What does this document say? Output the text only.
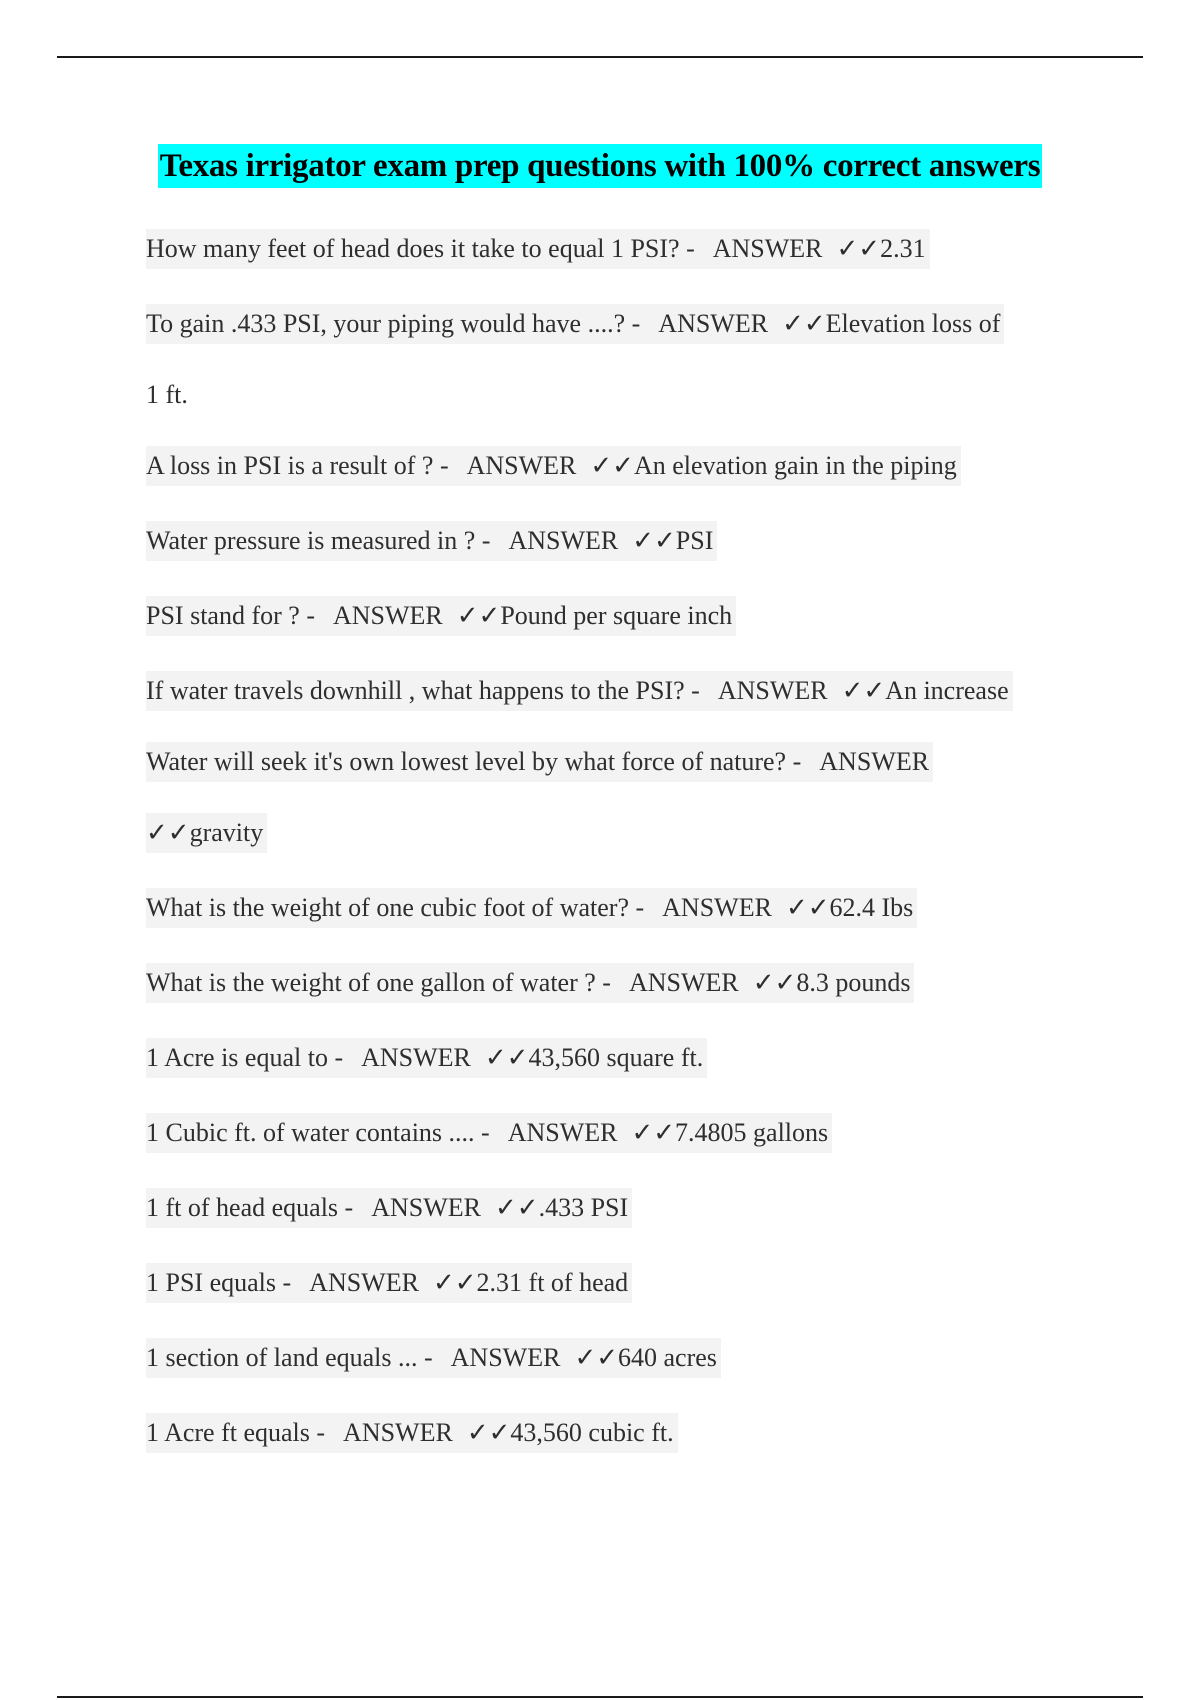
Texas irrigator exam prep questions with 100% correct answers
How many feet of head does it take to equal 1 PSI? - ANSWER ✓✓2.31
To gain .433 PSI, your piping would have ....? - ANSWER ✓✓Elevation loss of
1 ft.
A loss in PSI is a result of ? - ANSWER ✓✓An elevation gain in the piping
Water pressure is measured in ? - ANSWER ✓✓PSI
PSI stand for ? - ANSWER ✓✓Pound per square inch
If water travels downhill , what happens to the PSI? - ANSWER ✓✓An increase
Water will seek it's own lowest level by what force of nature? - ANSWER
✓✓gravity
What is the weight of one cubic foot of water? - ANSWER ✓✓62.4 Ibs
What is the weight of one gallon of water ? - ANSWER ✓✓8.3 pounds
1 Acre is equal to - ANSWER ✓✓43,560 square ft.
1 Cubic ft. of water contains .... - ANSWER ✓✓7.4805 gallons
1 ft of head equals - ANSWER ✓✓.433 PSI
1 PSI equals - ANSWER ✓✓2.31 ft of head
1 section of land equals ... - ANSWER ✓✓640 acres
1 Acre ft equals - ANSWER ✓✓43,560 cubic ft.
